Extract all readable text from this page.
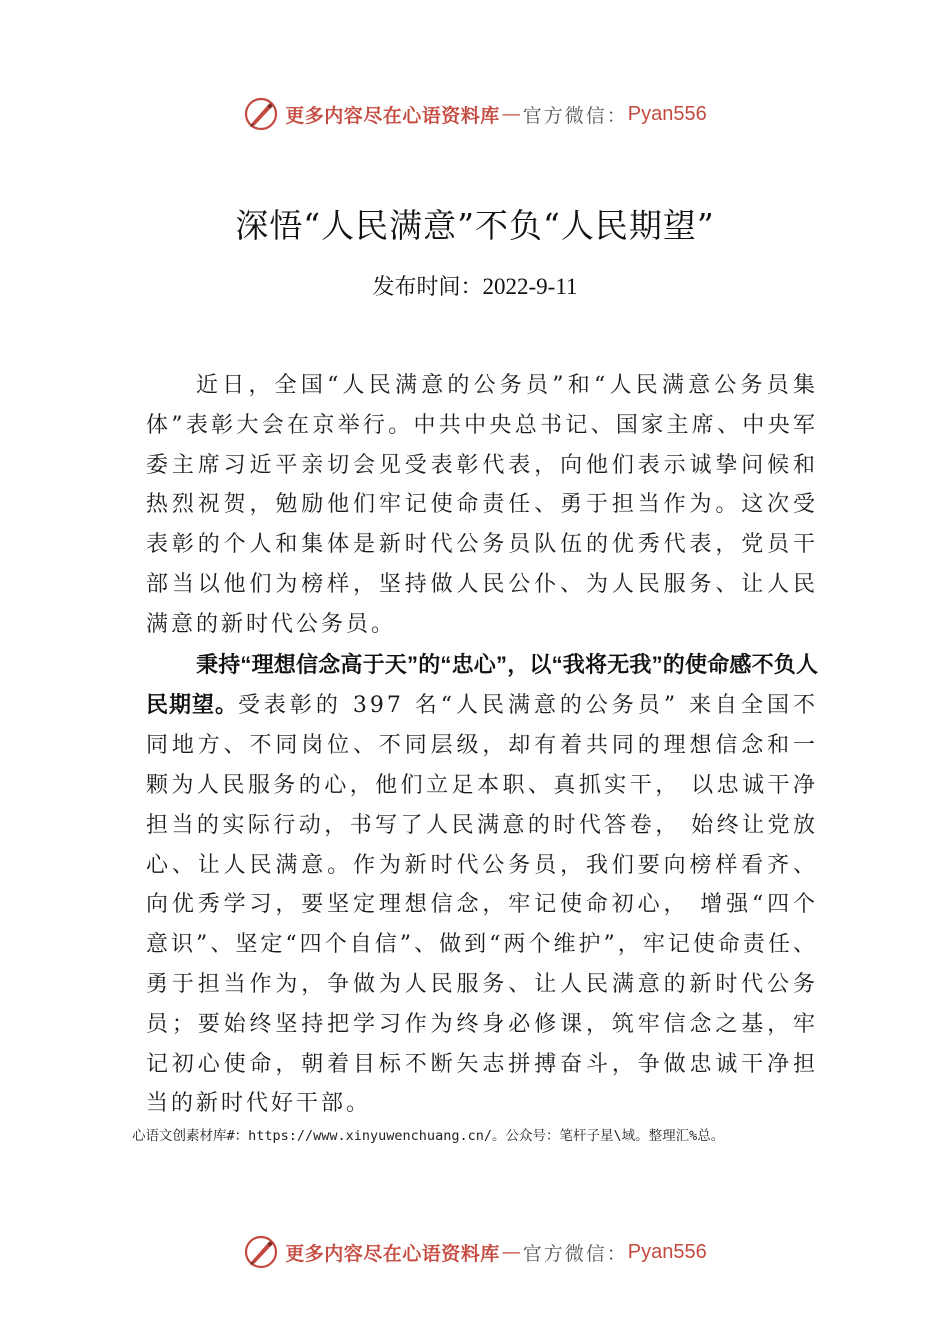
更多内容尽在心语资料库 — 官方微信： Pyan556
深悟“人民满意”不负“人民期望”
发布时间：2022-9-11

近日，全国“人民满意的公务员”和“人民满意公务员集体”表彰大会在京举行。中共中央总书记、国家主席、中央军委主席习近平亲切会见受表彰代表，向他们表示诚挚问候和热烈祝贺，勉励他们牢记使命责任、勇于担当作为。这次受表彰的个人和集体是新时代公务员队伍的优秀代表，党员干部当以他们为榜样，坚持做人民公仆、为人民服务、让人民满意的新时代公务员。

秉持“理想信念高于天”的“忠心”，以“我将无我”的使命感不负人民期望。受表彰的 397 名“人民满意的公务员” 来自全国不同地方、不同岗位、不同层级，却有着共同的理想信念和一颗为人民服务的心，他们立足本职、真抓实干， 以忠诚干净担当的实际行动，书写了人民满意的时代答卷， 始终让党放心、让人民满意。作为新时代公务员，我们要向榜样看齐、向优秀学习，要坚定理想信念，牢记使命初心， 增强“四个意识”、坚定“四个自信”、做到“两个维护”，牢记使命责任、勇于担当作为，争做为人民服务、让人民满意的新时代公务员；要始终坚持把学习作为终身必修课，筑牢信念之基，牢记初心使命，朝着目标不断矢志拼搏奋斗，争做忠诚干净担当的新时代好干部。

心语文创素材库#：https://www.xinyuwenchuang.cn/。公众号：笔杆子星\域。整理汇%总。
更多内容尽在心语资料库 — 官方微信： Pyan556
